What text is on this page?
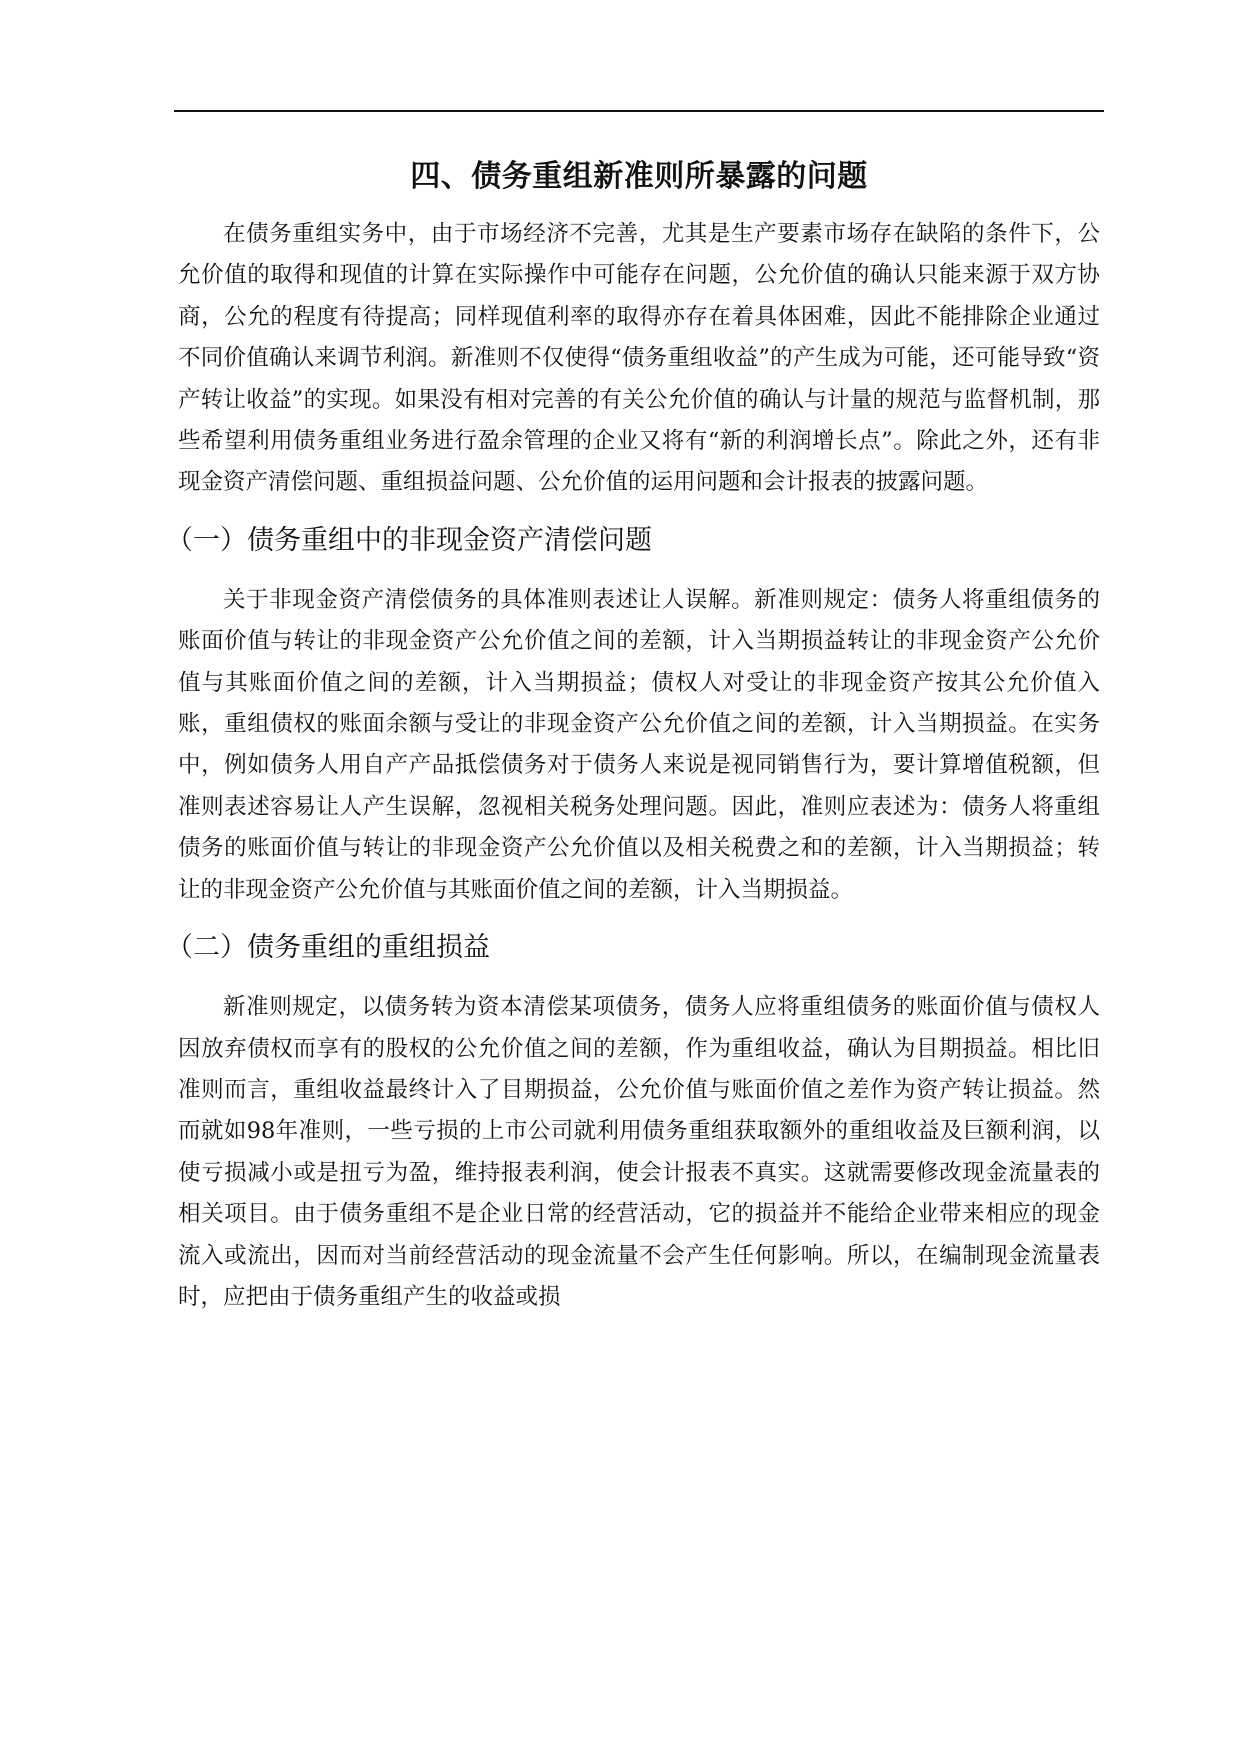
四、债务重组新准则所暴露的问题

在债务重组实务中，由于市场经济不完善，尤其是生产要素市场存在缺陷的条件下，公允价值的取得和现值的计算在实际操作中可能存在问题，公允价值的确认只能来源于双方协商，公允的程度有待提高；同样现值利率的取得亦存在着具体困难，因此不能排除企业通过不同价值确认来调节利润。新准则不仅使得“债务重组收益”的产生成为可能，还可能导致“资产转让收益”的实现。如果没有相对完善的有关公允价值的确认与计量的规范与监督机制，那些希望利用债务重组业务进行盈余管理的企业又将有“新的利润增长点”。除此之外，还有非现金资产清偿问题、重组损益问题、公允价值的运用问题和会计报表的披露问题。

（一）债务重组中的非现金资产清偿问题

关于非现金资产清偿债务的具体准则表述让人误解。新准则规定：债务人将重组债务的账面价值与转让的非现金资产公允价值之间的差额，计入当期损益转让的非现金资产公允价值与其账面价值之间的差额，计入当期损益；债权人对受让的非现金资产按其公允价值入账，重组债权的账面余额与受让的非现金资产公允价值之间的差额，计入当期损益。在实务中，例如债务人用自产产品抵偿债务对于债务人来说是视同销售行为，要计算增值税额，但准则表述容易让人产生误解，忽视相关税务处理问题。因此，准则应表述为：债务人将重组债务的账面价值与转让的非现金资产公允价值以及相关税费之和的差额，计入当期损益；转让的非现金资产公允价值与其账面价值之间的差额，计入当期损益。

（二）债务重组的重组损益

新准则规定，以债务转为资本清偿某项债务，债务人应将重组债务的账面价值与债权人因放弃债权而享有的股权的公允价值之间的差额，作为重组收益，确认为目期损益。相比旧准则而言，重组收益最终计入了目期损益，公允价值与账面价值之差作为资产转让损益。然而就如98年准则，一些亏损的上市公司就利用债务重组获取额外的重组收益及巨额利润，以使亏损减小或是扭亏为盈，维持报表利润，使会计报表不真实。这就需要修改现金流量表的相关项目。由于债务重组不是企业日常的经营活动，它的损益并不能给企业带来相应的现金流入或流出，因而对当前经营活动的现金流量不会产生任何影响。所以，在编制现金流量表时，应把由于债务重组产生的收益或损
